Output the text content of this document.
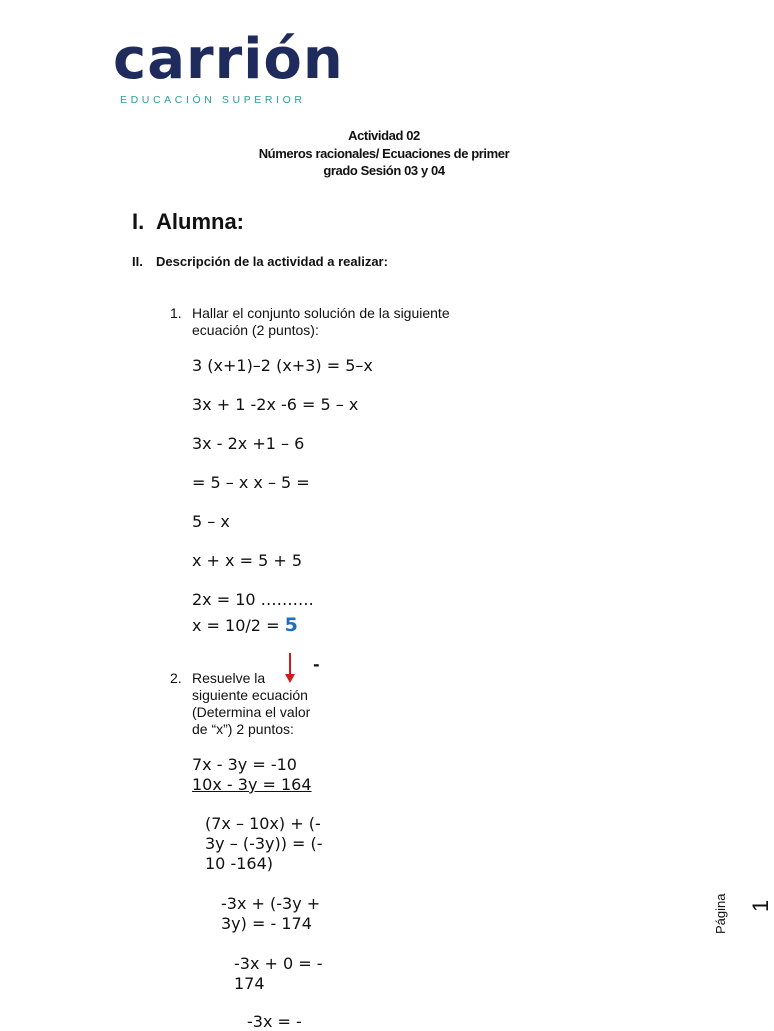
carrión
EDUCACIÓN SUPERIOR
Actividad 02
Números racionales/ Ecuaciones de primer
grado Sesión 03 y 04
I. Alumna:
II. Descripción de la actividad a realizar:
1. Hallar el conjunto solución de la siguiente
ecuación (2 puntos):
3 (x+1)–2 (x+3) = 5–x
3x + 1 -2x -6 = 5 – x
3x - 2x +1 – 6
= 5 – x x – 5 =
5 – x
x + x = 5 + 5
2x = 10 ……….
x = 10/2 = 5
-
2. Resuelve la
siguiente ecuación
(Determina el valor
de “x”) 2 puntos:
7x - 3y = -10
10x - 3y = 164
(7x – 10x) + (-
3y – (-3y)) = (-
10 -164)
-3x + (-3y +
3y) = - 174
-3x + 0 = -
174
-3x = -
Página 1
